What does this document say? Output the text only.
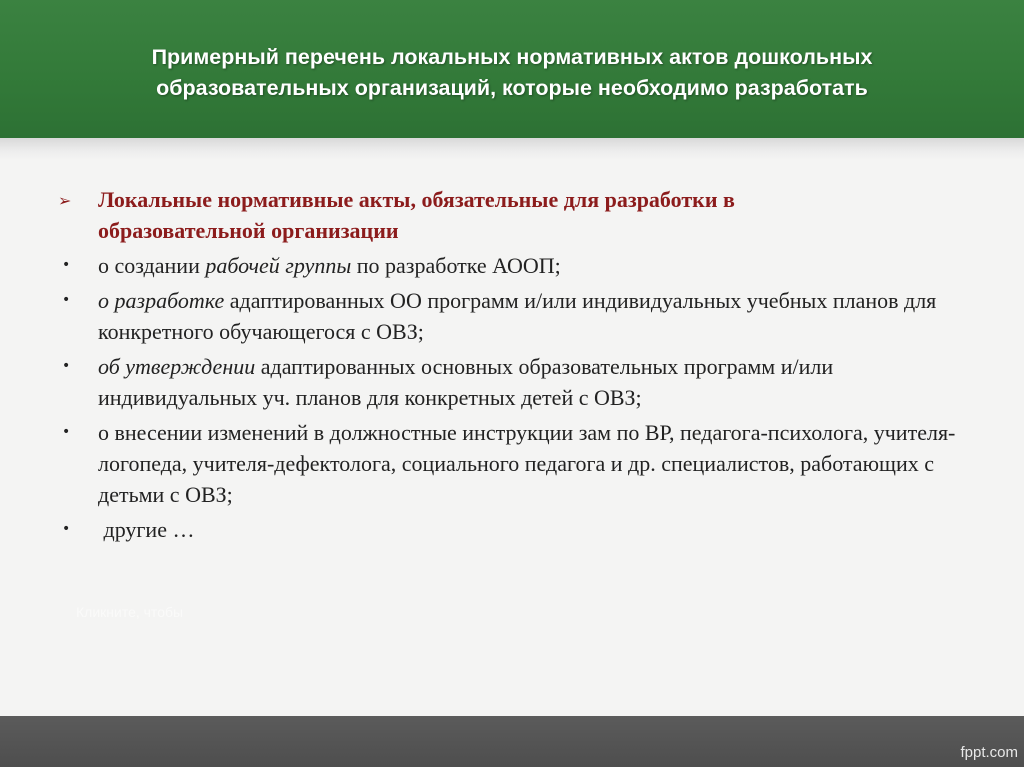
Примерный перечень локальных нормативных актов дошкольных
образовательных организаций, которые необходимо разработать
➢	Локальные нормативные акты, обязательные для разработки в
образовательной организации
•	о создании рабочей группы по разработке АООП;
•	о разработке адаптированных ОО программ и/или индивидуальных учебных планов для конкретного обучающегося с ОВЗ;
•	об утверждении адаптированных основных образовательных программ и/или индивидуальных уч. планов для конкретных детей с ОВЗ;
•	о внесении изменений в должностные инструкции зам по ВР, педагога-психолога, учителя-логопеда, учителя-дефектолога, социального педагога и др. специалистов, работающих с детьми с ОВЗ;
•	другие …
Кликните, чтобы
fppt.com
